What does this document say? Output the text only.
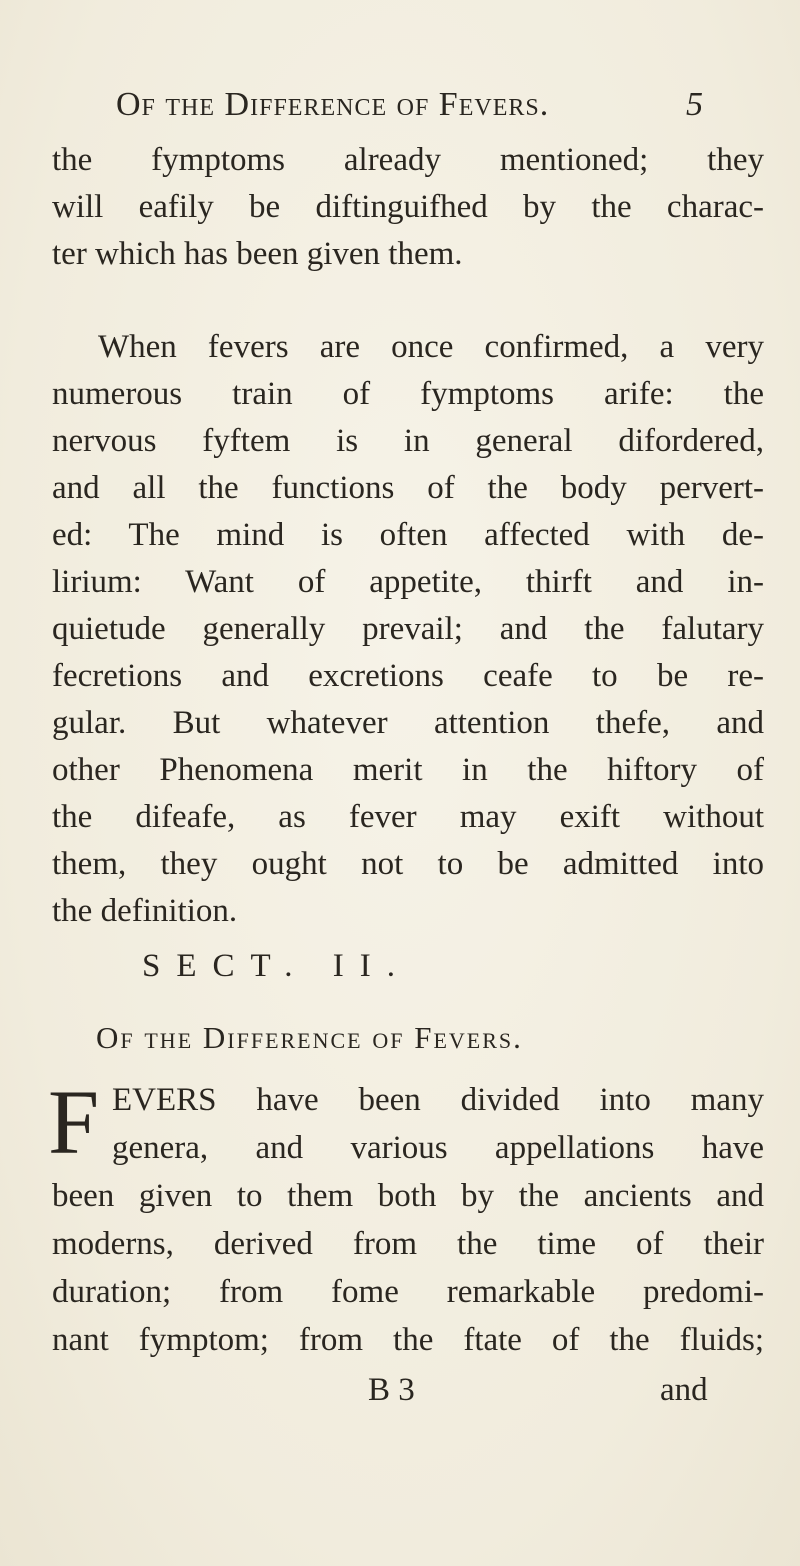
Of the Difference of Fevers.	5
the fymptoms already mentioned; they
will eafily be diftinguifhed by the charac-
ter which has been given them.
When fevers are once confirmed, a very
numerous train of fymptoms arife: the
nervous fyftem is in general difordered,
and all the functions of the body pervert-
ed: The mind is often affected with de-
lirium: Want of appetite, thirft and in-
quietude generally prevail; and the falutary
fecretions and excretions ceafe to be re-
gular. But whatever attention thefe, and
other Phenomena merit in the hiftory of
the difeafe, as fever may exift without
them, they ought not to be admitted into
the definition.
SECT. II.
Of the Difference of Fevers.
F EVERS have been divided into many
genera, and various appellations have
been given to them both by the ancients and
moderns, derived from the time of their
duration; from fome remarkable predomi-
nant fymptom; from the ftate of the fluids;
B 3	and
